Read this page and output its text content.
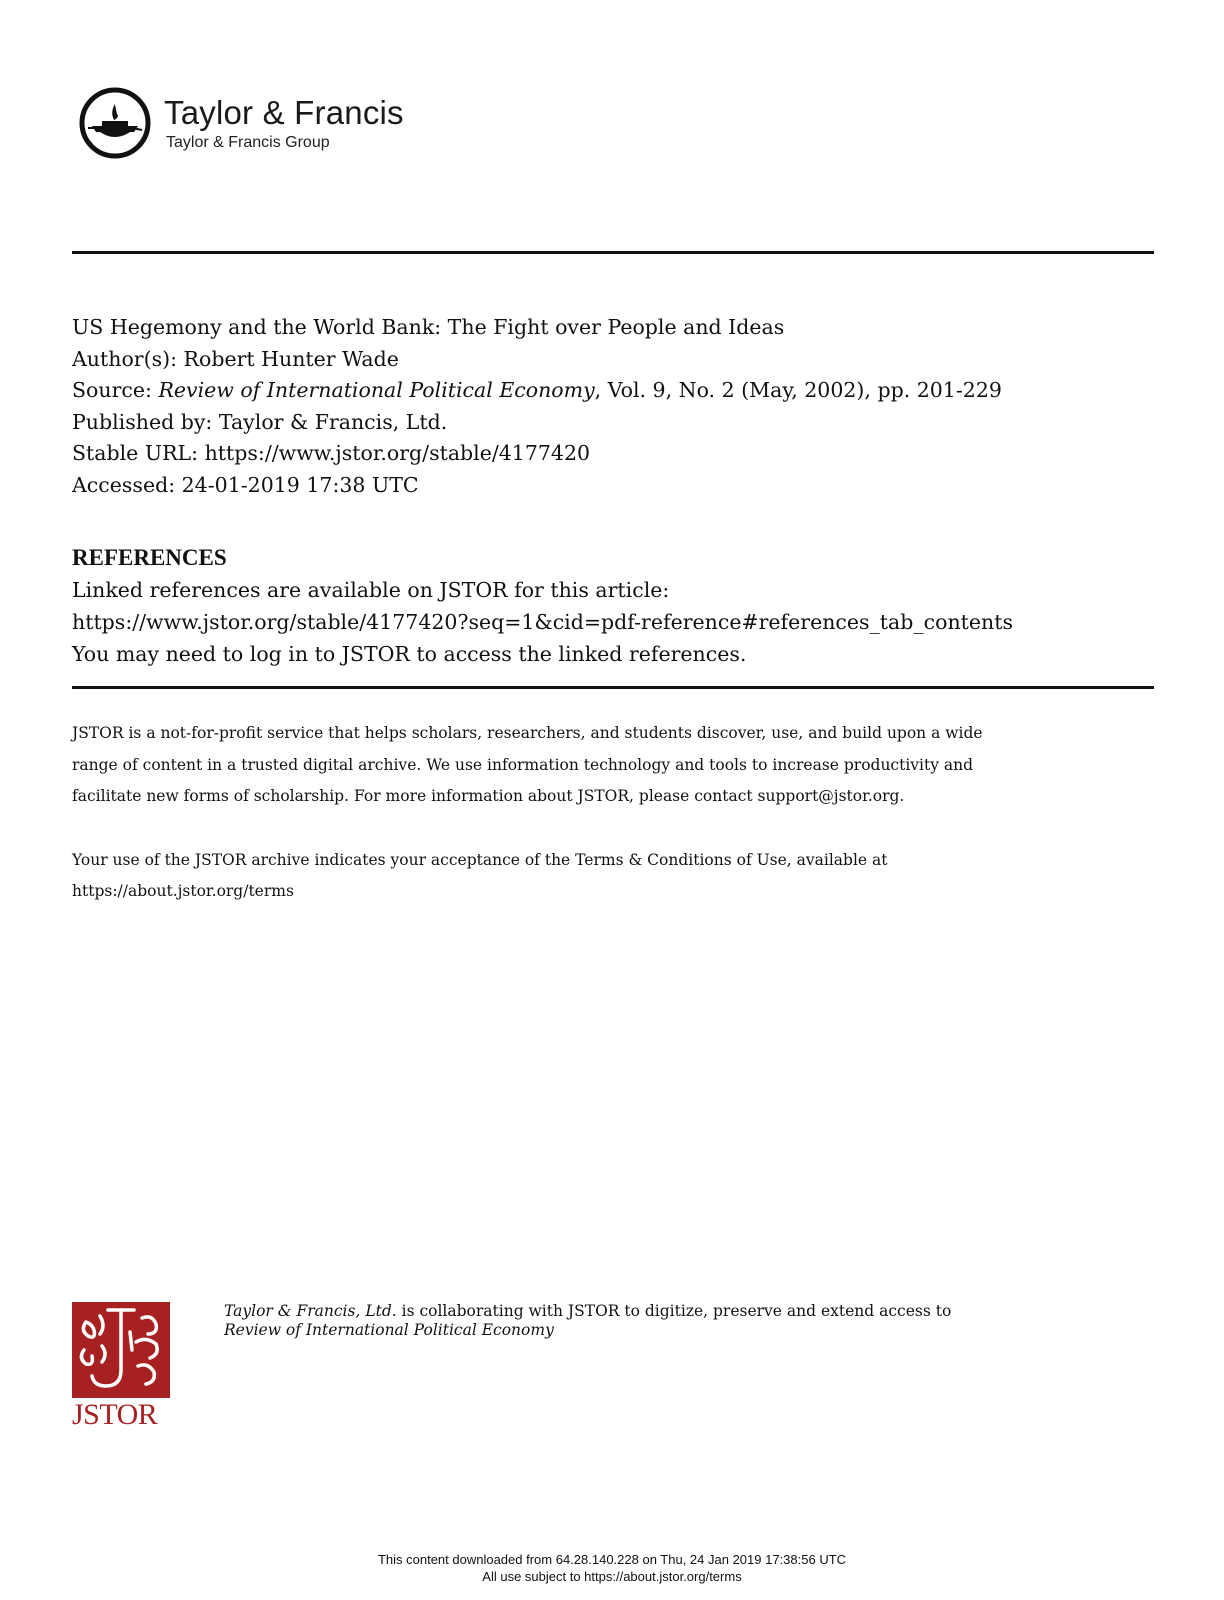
Taylor & Francis
Taylor & Francis Group
US Hegemony and the World Bank: The Fight over People and Ideas
Author(s): Robert Hunter Wade
Source: Review of International Political Economy, Vol. 9, No. 2 (May, 2002), pp. 201-229
Published by: Taylor & Francis, Ltd.
Stable URL: https://www.jstor.org/stable/4177420
Accessed: 24-01-2019 17:38 UTC
REFERENCES
Linked references are available on JSTOR for this article:
https://www.jstor.org/stable/4177420?seq=1&cid=pdf-reference#references_tab_contents
You may need to log in to JSTOR to access the linked references.
JSTOR is a not-for-profit service that helps scholars, researchers, and students discover, use, and build upon a wide
range of content in a trusted digital archive. We use information technology and tools to increase productivity and
facilitate new forms of scholarship. For more information about JSTOR, please contact support@jstor.org.
Your use of the JSTOR archive indicates your acceptance of the Terms & Conditions of Use, available at
https://about.jstor.org/terms
JSTOR
Taylor & Francis, Ltd. is collaborating with JSTOR to digitize, preserve and extend access to
Review of International Political Economy
This content downloaded from 64.28.140.228 on Thu, 24 Jan 2019 17:38:56 UTC
All use subject to https://about.jstor.org/terms
